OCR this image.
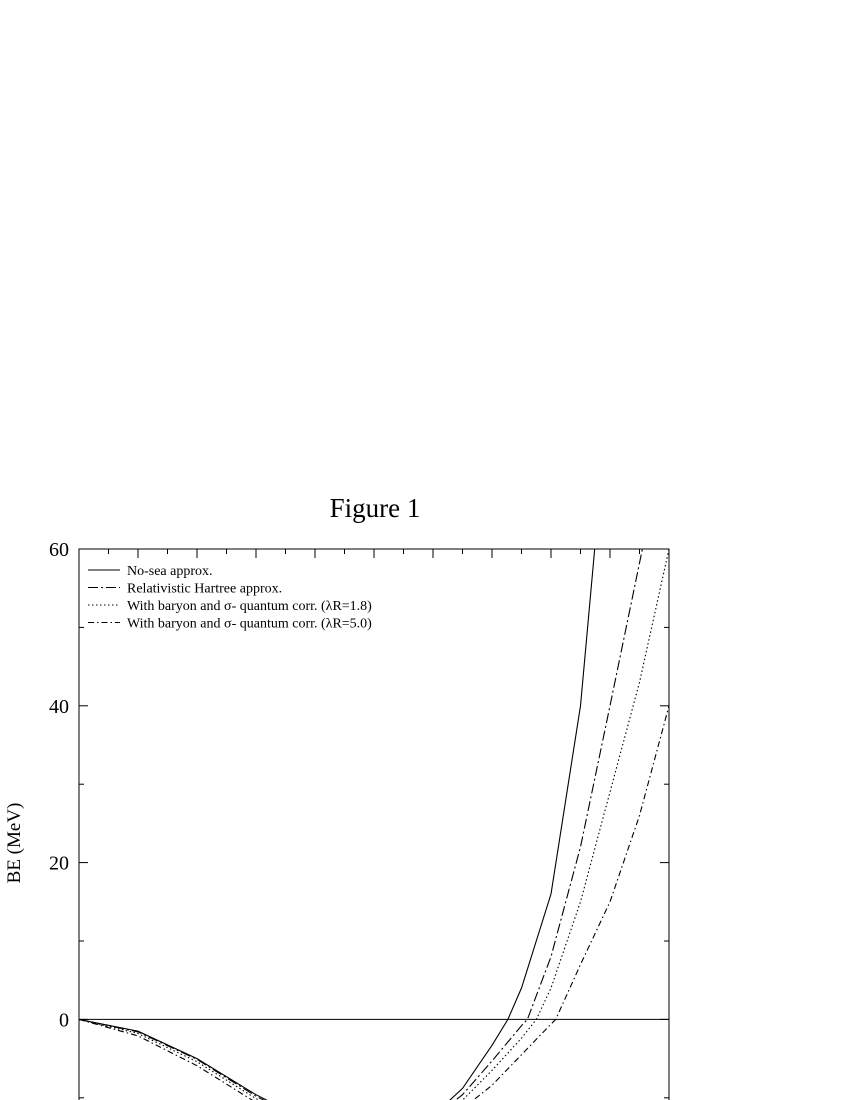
Figure 1
0
20
40
60
BE (MeV)
No-sea approx.
Relativistic Hartree approx.
With baryon and σ- quantum corr. (λR=1.8)
With baryon and σ- quantum corr. (λR=5.0)
